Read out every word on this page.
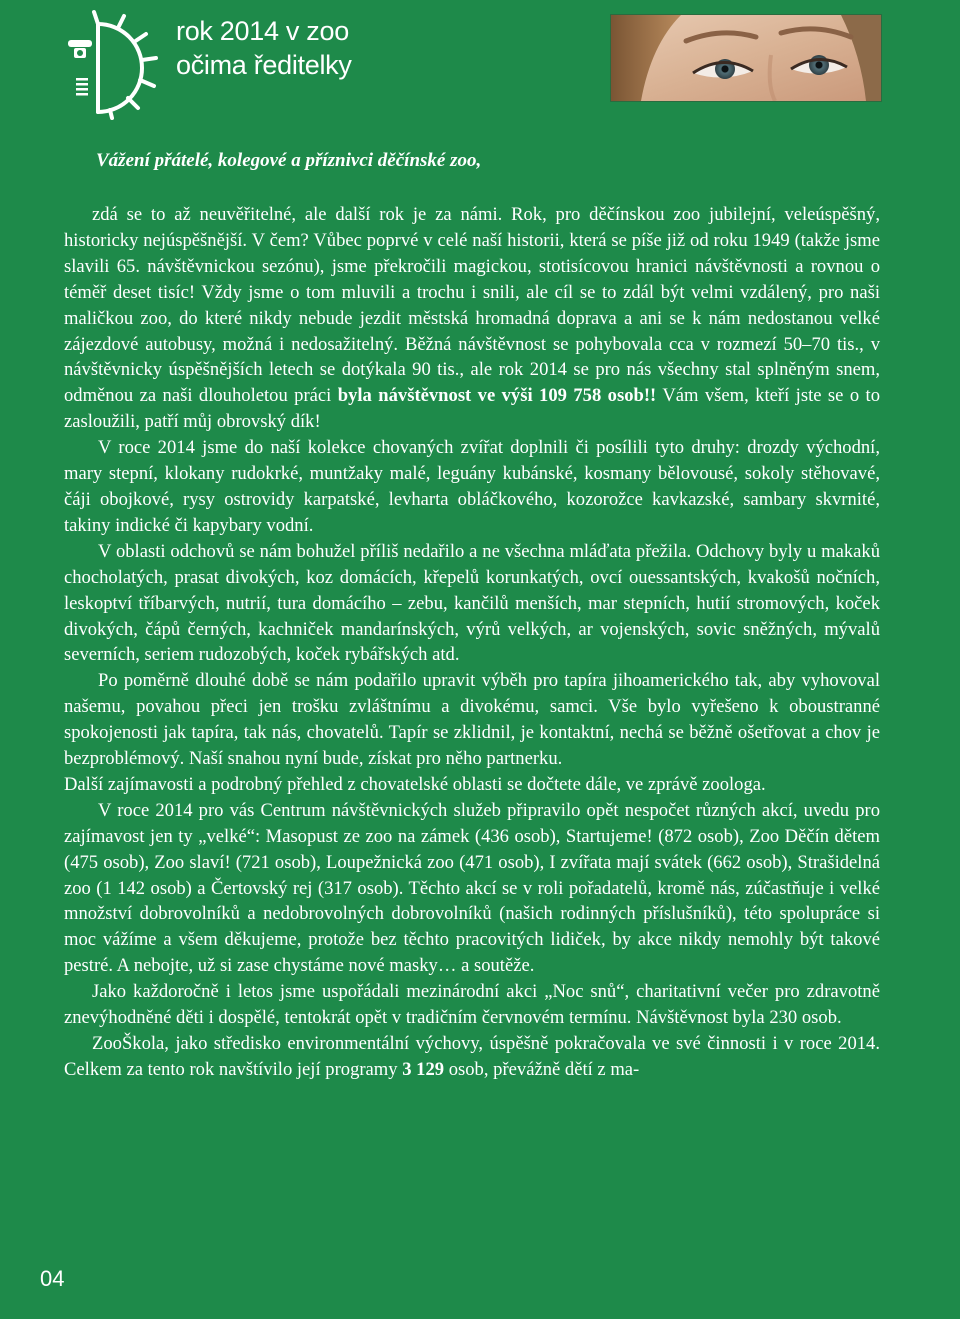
rok 2014 v zoo
očima ředitelky
Vážení přátelé, kolegové a příznivci děčínské zoo,

zdá se to až neuvěřitelné, ale další rok je za námi. Rok, pro děčínskou zoo jubilejní, veleúspěšný, historicky nejúspěšnější. V čem? Vůbec poprvé v celé naší historii, která se píše již od roku 1949 (takže jsme slavili 65. návštěvnickou sezónu), jsme překročili magickou, stotisícovou hranici návštěvnosti a rovnou o téměř deset tisíc! Vždy jsme o tom mluvili a trochu i snili, ale cíl se to zdál být velmi vzdálený, pro naši maličkou zoo, do které nikdy nebude jezdit městská hromadná doprava a ani se k nám nedostanou velké zájezdové autobusy, možná i nedosažitelný. Běžná návštěvnost se pohybovala cca v rozmezí 50–70 tis., v návštěvnicky úspěšnějších letech se dotýkala 90 tis., ale rok 2014 se pro nás všechny stal splněným snem, odměnou za naši dlouholetou práci byla návštěvnost ve výši 109 758 osob!! Vám všem, kteří jste se o to zasloužili, patří můj obrovský dík!

V roce 2014 jsme do naší kolekce chovaných zvířat doplnili či posílili tyto druhy: drozdy východní, mary stepní, klokany rudokrké, muntžaky malé, leguány kubánské, kosmany bělovousé, sokoly stěhovavé, čáji obojkové, rysy ostrovidy karpatské, levharta obláčkového, kozorožce kavkazské, sambary skvrnité, takiny indické či kapybary vodní.

V oblasti odchovů se nám bohužel příliš nedařilo a ne všechna mláďata přežila. Odchovy byly u makaků chocholatých, prasat divokých, koz domácích, křepelů korunkatých, ovcí ouessantských, kvakošů nočních, leskoptví tříbarvých, nutrií, tura domácího – zebu, kančilů menších, mar stepních, hutií stromových, koček divokých, čápů černých, kachniček mandarínských, výrů velkých, ar vojenských, sovic sněžných, mývalů severních, seriem rudozobých, koček rybářských atd.

Po poměrně dlouhé době se nám podařilo upravit výběh pro tapíra jihoamerického tak, aby vyhovoval našemu, povahou přeci jen trošku zvláštnímu a divokému, samci. Vše bylo vyřešeno k oboustranné spokojenosti jak tapíra, tak nás, chovatelů. Tapír se zklidnil, je kontaktní, nechá se běžně ošetřovat a chov je bezproblémový. Naší snahou nyní bude, získat pro něho partnerku.

Další zajímavosti a podrobný přehled z chovatelské oblasti se dočtete dále, ve zprávě zoologa.

V roce 2014 pro vás Centrum návštěvnických služeb připravilo opět nespočet různých akcí, uvedu pro zajímavost jen ty „velké“: Masopust ze zoo na zámek (436 osob), Startujeme! (872 osob), Zoo Děčín dětem (475 osob), Zoo slaví! (721 osob), Loupežnická zoo (471 osob), I zvířata mají svátek (662 osob), Strašidelná zoo (1 142 osob) a Čertovský rej (317 osob). Těchto akcí se v roli pořadatelů, kromě nás, zúčastňuje i velké množství dobrovolníků a nedobrovolných dobrovolníků (našich rodinných příslušníků), této spolupráce si moc vážíme a všem děkujeme, protože bez těchto pracovitých lidiček, by akce nikdy nemohly být takové pestré. A nebojte, už si zase chystáme nové masky… a soutěže.

Jako každoročně i letos jsme uspořádali mezinárodní akci „Noc snů“, charitativní večer pro zdravotně znevýhodněné děti i dospělé, tentokrát opět v tradičním červnovém termínu. Návštěvnost byla 230 osob.

ZooŠkola, jako středisko environmentální výchovy, úspěšně pokračovala ve své činnosti i v roce 2014. Celkem za tento rok navštívilo její programy 3 129 osob, převážně dětí z ma-

04
